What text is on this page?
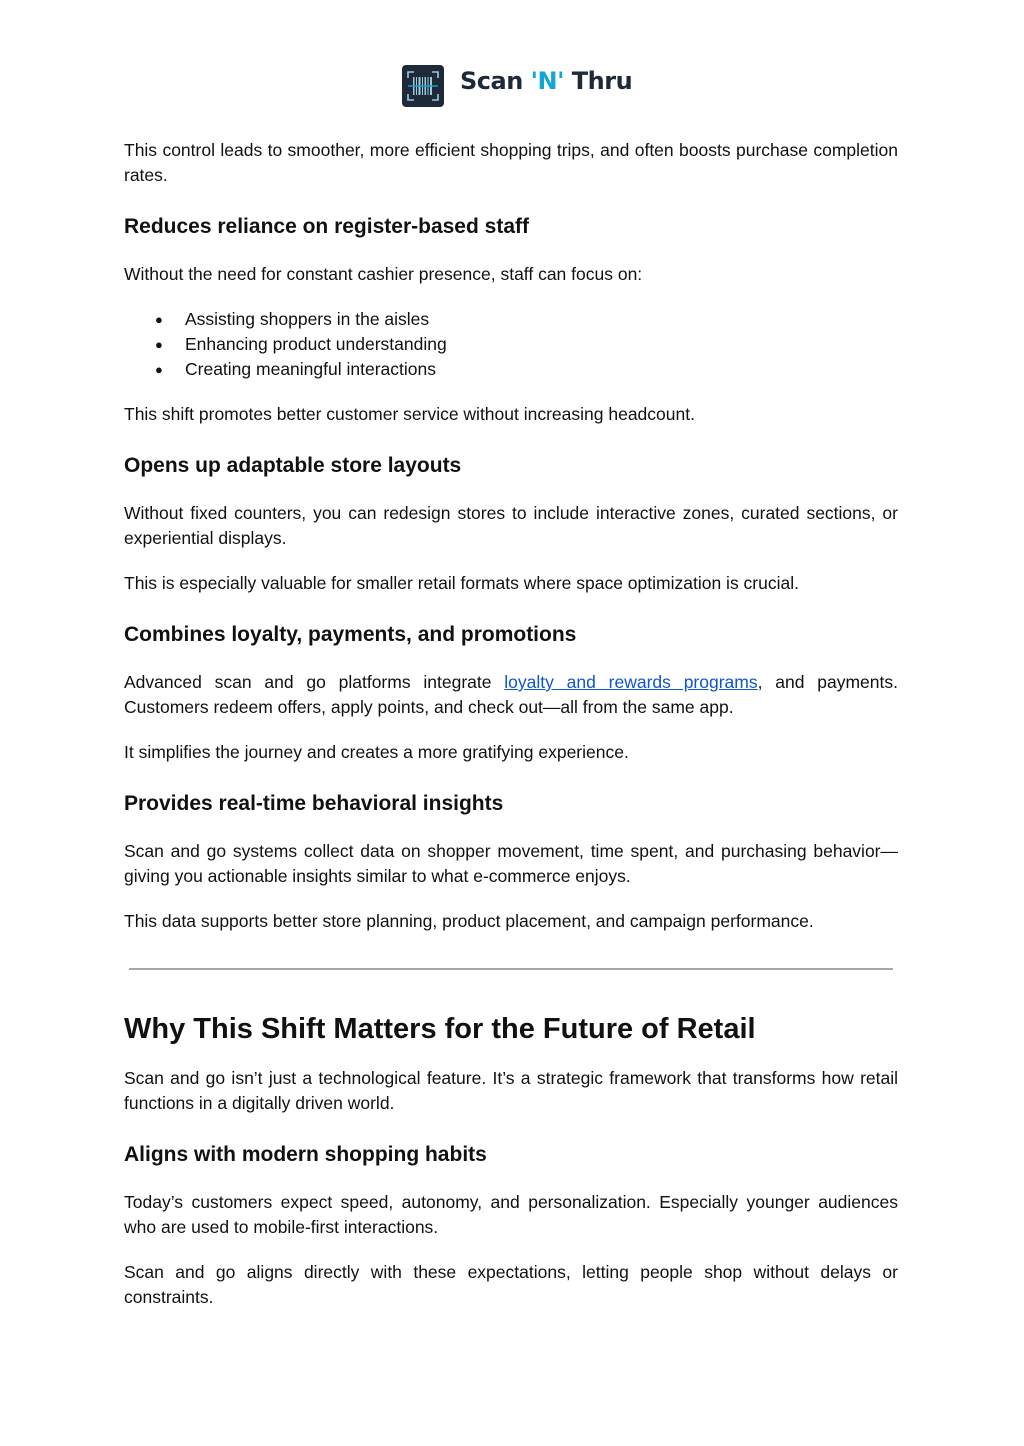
Scan 'N' Thru

This control leads to smoother, more efficient shopping trips, and often boosts purchase completion rates.

Reduces reliance on register-based staff

Without the need for constant cashier presence, staff can focus on:

● Assisting shoppers in the aisles
● Enhancing product understanding
● Creating meaningful interactions

This shift promotes better customer service without increasing headcount.

Opens up adaptable store layouts

Without fixed counters, you can redesign stores to include interactive zones, curated sections, or experiential displays.

This is especially valuable for smaller retail formats where space optimization is crucial.

Combines loyalty, payments, and promotions

Advanced scan and go platforms integrate loyalty and rewards programs, and payments. Customers redeem offers, apply points, and check out—all from the same app.

It simplifies the journey and creates a more gratifying experience.

Provides real-time behavioral insights

Scan and go systems collect data on shopper movement, time spent, and purchasing behavior—giving you actionable insights similar to what e-commerce enjoys.

This data supports better store planning, product placement, and campaign performance.

Why This Shift Matters for the Future of Retail

Scan and go isn’t just a technological feature. It’s a strategic framework that transforms how retail functions in a digitally driven world.

Aligns with modern shopping habits

Today’s customers expect speed, autonomy, and personalization. Especially younger audiences who are used to mobile-first interactions.

Scan and go aligns directly with these expectations, letting people shop without delays or constraints.
